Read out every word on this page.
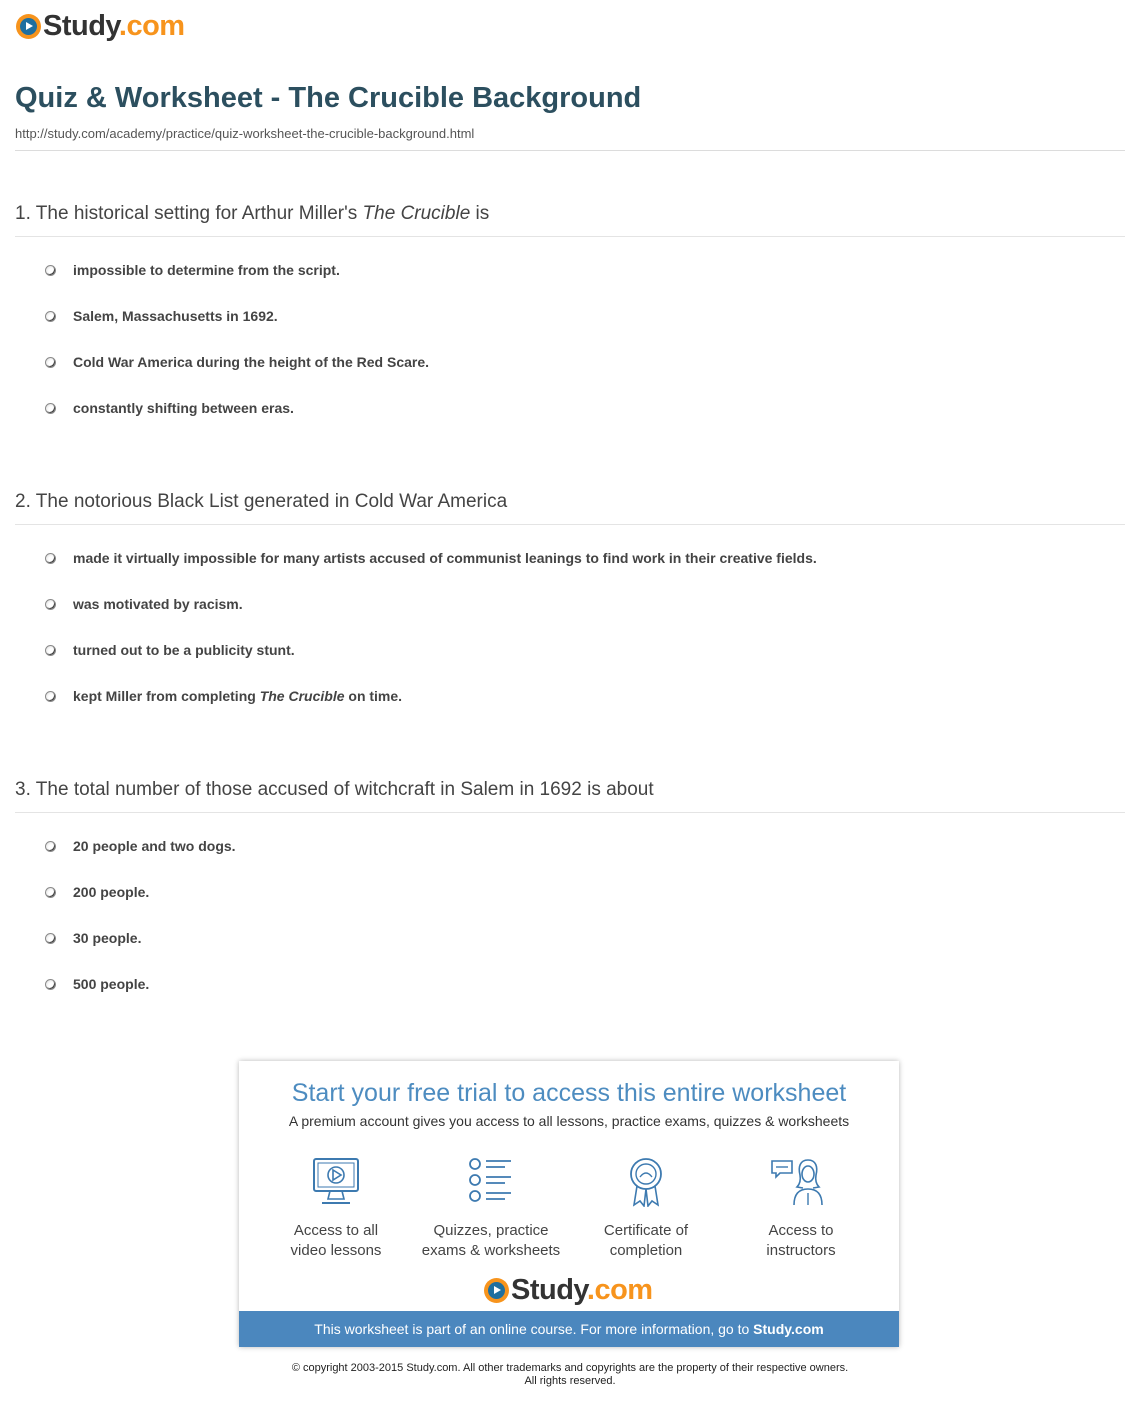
Study.com
Quiz & Worksheet - The Crucible Background
http://study.com/academy/practice/quiz-worksheet-the-crucible-background.html
1. The historical setting for Arthur Miller's The Crucible is
impossible to determine from the script.
Salem, Massachusetts in 1692.
Cold War America during the height of the Red Scare.
constantly shifting between eras.
2. The notorious Black List generated in Cold War America
made it virtually impossible for many artists accused of communist leanings to find work in their creative fields.
was motivated by racism.
turned out to be a publicity stunt.
kept Miller from completing The Crucible on time.
3. The total number of those accused of witchcraft in Salem in 1692 is about
20 people and two dogs.
200 people.
30 people.
500 people.
Start your free trial to access this entire worksheet
A premium account gives you access to all lessons, practice exams, quizzes & worksheets
Access to all
video lessons
Quizzes, practice
exams & worksheets
Certificate of
completion
Access to
instructors
Study.com
This worksheet is part of an online course. For more information, go to Study.com
© copyright 2003-2015 Study.com. All other trademarks and copyrights are the property of their respective owners.
All rights reserved.
